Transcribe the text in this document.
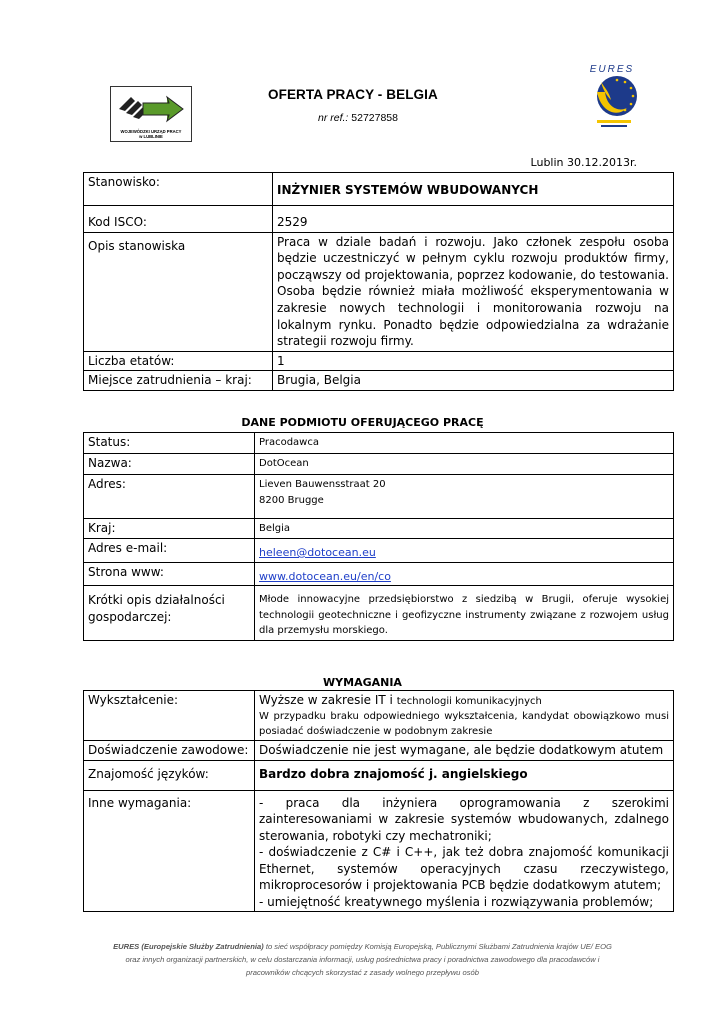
WOJEWÓDZKI URZĄD PRACY
w LUBLINIE
OFERTA PRACY - BELGIA
nr ref.: 52727858
EURES
Lublin 30.12.2013r.
Stanowisko:	INŻYNIER SYSTEMÓW WBUDOWANYCH
Kod ISCO:	2529
Opis stanowiska	Praca w dziale badań i rozwoju. Jako członek zespołu osoba będzie uczestniczyć w pełnym cyklu rozwoju produktów firmy, począwszy od projektowania, poprzez kodowanie, do testowania. Osoba będzie również miała możliwość eksperymentowania w zakresie nowych technologii i monitorowania rozwoju na lokalnym rynku. Ponadto będzie odpowiedzialna za wdrażanie strategii rozwoju firmy.
Liczba etatów:	1
Miejsce zatrudnienia – kraj:	Brugia, Belgia
DANE PODMIOTU OFERUJĄCEGO PRACĘ
Status:	Pracodawca
Nazwa:	DotOcean
Adres:	Lieven Bauwensstraat 20
8200 Brugge

Kraj:	Belgia
Adres e-mail:	heleen@dotocean.eu
Strona www:	www.dotocean.eu/en/co

Krótki opis działalności
gospodarczej:	Młode innowacyjne przedsiębiorstwo z siedzibą w Brugii, oferuje wysokiej technologii geotechniczne i geofizyczne instrumenty związane z rozwojem usług dla przemysłu morskiego.
WYMAGANIA
Wykształcenie:	Wyższe w zakresie IT i technologii komunikacyjnych
W przypadku braku odpowiedniego wykształcenia, kandydat obowiązkowo musi posiadać doświadczenie w podobnym zakresie

Doświadczenie zawodowe:	Doświadczenie nie jest wymagane, ale będzie dodatkowym atutem
Znajomość języków:	Bardzo dobra znajomość j. angielskiego
Inne wymagania:	- praca dla inżyniera oprogramowania z szerokimi zainteresowaniami w zakresie systemów wbudowanych, zdalnego sterowania, robotyki czy mechatroniki;
- doświadczenie z C# i C++, jak też dobra znajomość komunikacji Ethernet, systemów operacyjnych czasu rzeczywistego, mikroprocesorów i projektowania PCB będzie dodatkowym atutem;
- umiejętność kreatywnego myślenia i rozwiązywania problemów;
EURES (Europejskie Służby Zatrudnienia) to sieć współpracy pomiędzy Komisją Europejską, Publicznymi Służbami Zatrudnienia krajów UE/ EOG
oraz innych organizacji partnerskich, w celu dostarczania informacji, usług pośrednictwa pracy i poradnictwa zawodowego dla pracodawców i
pracowników chcących skorzystać z zasady wolnego przepływu osób
